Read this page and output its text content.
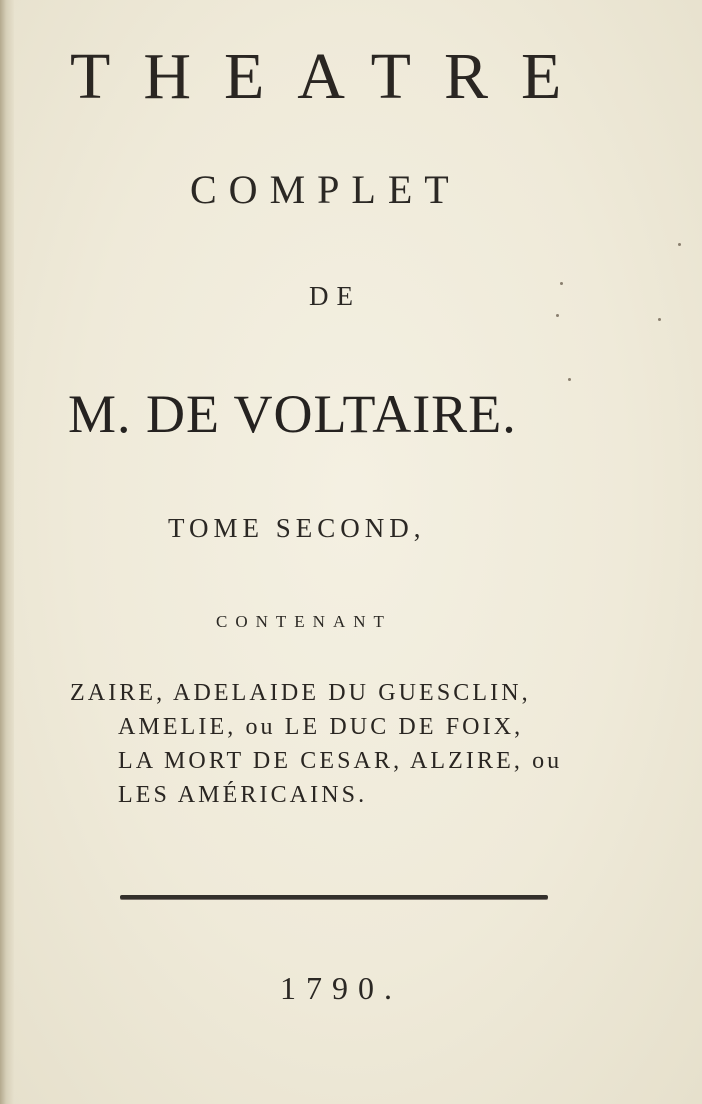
THEATRE
COMPLET
DE
M. DE VOLTAIRE.
TOME SECOND,
CONTENANT
ZAIRE, ADELAIDE DU GUESCLIN,
AMELIE, ou LE DUC DE FOIX,
LA MORT DE CESAR, ALZIRE, ou
LES AMÉRICAINS.
1790.
